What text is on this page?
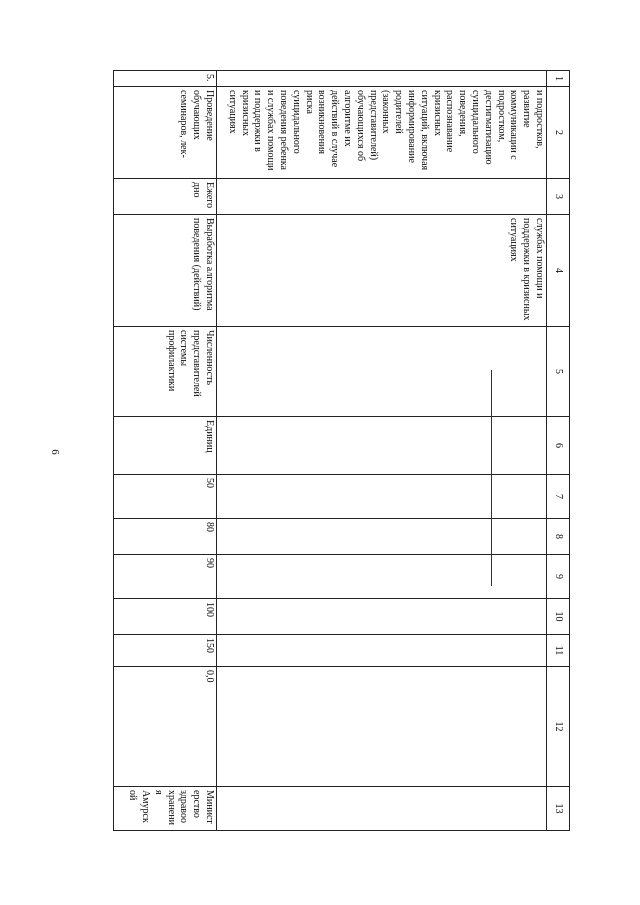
6
1	2	3	4	5	6	7	8	9	10	11	12	13
	и подростков, развитие коммуникации с подростком, дестигматизацию суицидального поведения, распознавание кризисных ситуаций, включая информирование родителей (законных представителей) обучающихся об алгоритме их действий в случае возникновения риска суицидального поведения ребенка и службах помощи и поддержки в кризисных ситуациях		службах помощи и поддержки в кризисных ситуациях									
5.	Проведение обучающих семинаров, лек-	Ежегодно	Выработка алгоритма поведения (действий)	Численность представителей системы профилактики	Единиц	50	80	90	100	150	0,0	Министерство здравоохранения Амурской
